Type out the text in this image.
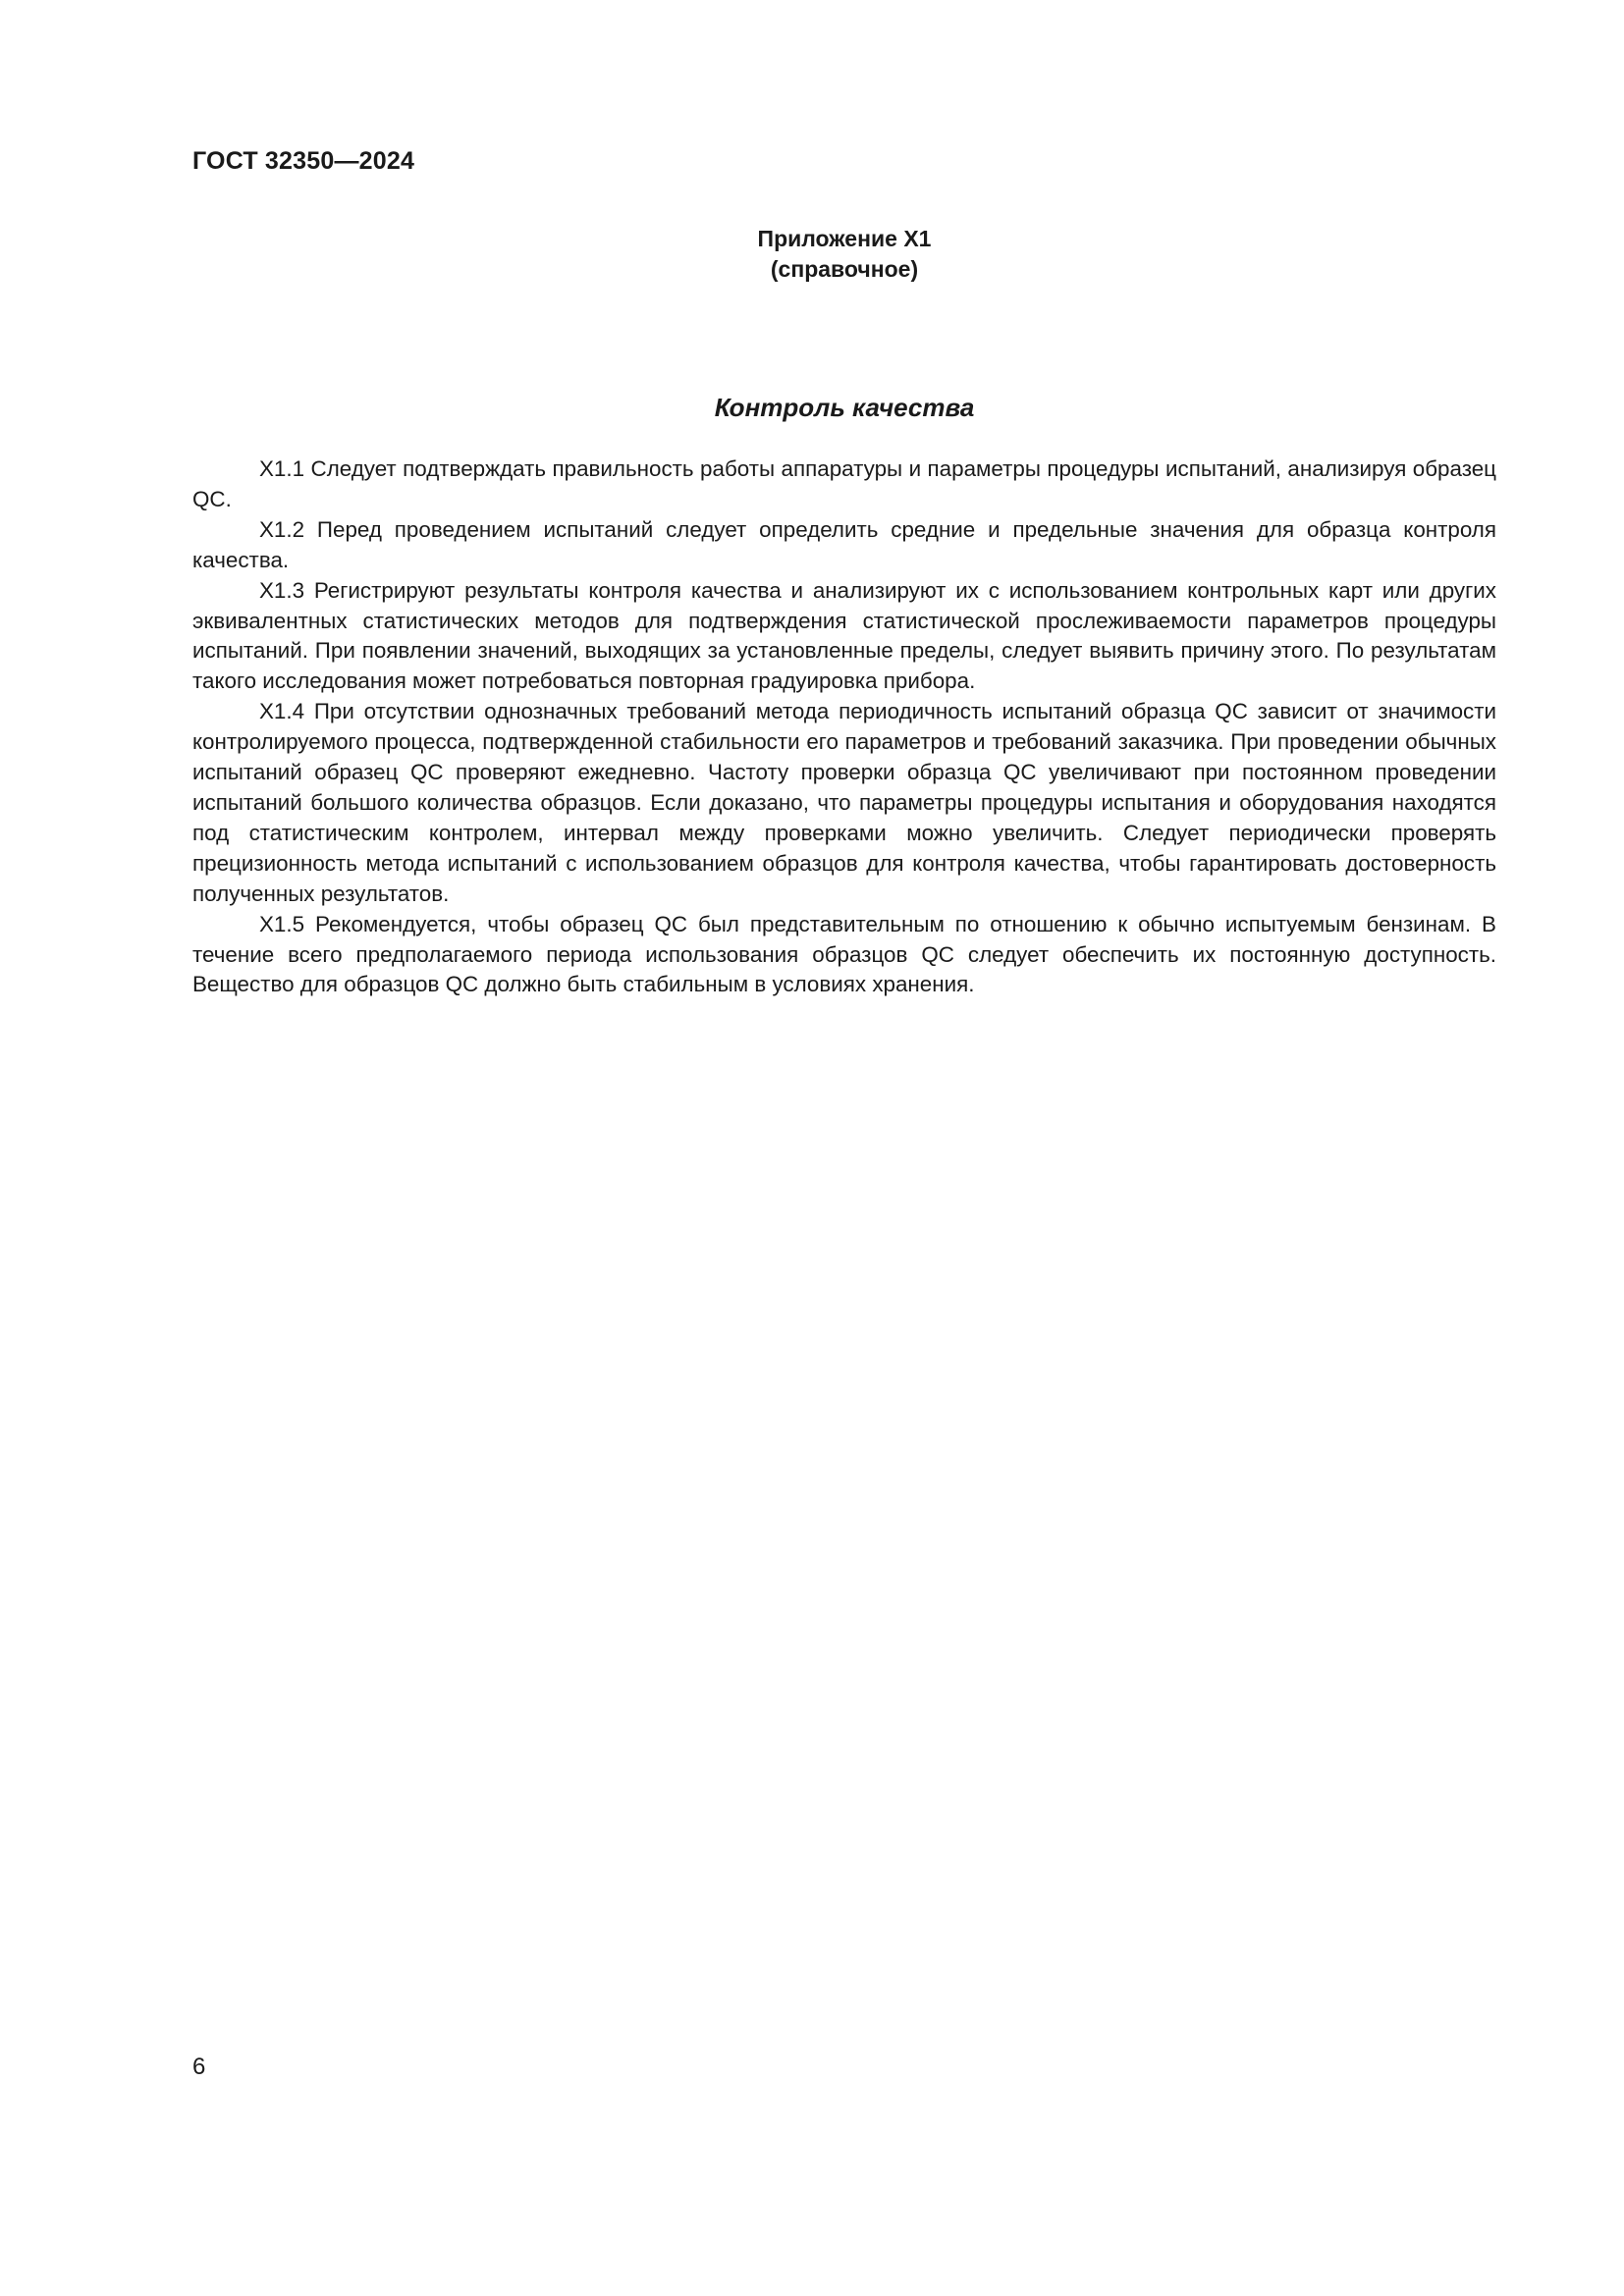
ГОСТ 32350—2024
Приложение Х1
(справочное)
Контроль качества

Х1.1 Следует подтверждать правильность работы аппаратуры и параметры процедуры испытаний, анализируя образец QC.

Х1.2 Перед проведением испытаний следует определить средние и предельные значения для образца контроля качества.

Х1.3 Регистрируют результаты контроля качества и анализируют их с использованием контрольных карт или других эквивалентных статистических методов для подтверждения статистической прослеживаемости параметров процедуры испытаний. При появлении значений, выходящих за установленные пределы, следует выявить причину этого. По результатам такого исследования может потребоваться повторная градуировка прибора.

Х1.4 При отсутствии однозначных требований метода периодичность испытаний образца QC зависит от значимости контролируемого процесса, подтвержденной стабильности его параметров и требований заказчика. При проведении обычных испытаний образец QC проверяют ежедневно. Частоту проверки образца QC увеличивают при постоянном проведении испытаний большого количества образцов. Если доказано, что параметры процедуры испытания и оборудования находятся под статистическим контролем, интервал между проверками можно увеличить. Следует периодически проверять прецизионность метода испытаний с использованием образцов для контроля качества, чтобы гарантировать достоверность полученных результатов.

Х1.5 Рекомендуется, чтобы образец QC был представительным по отношению к обычно испытуемым бензинам. В течение всего предполагаемого периода использования образцов QC следует обеспечить их постоянную доступность. Вещество для образцов QC должно быть стабильным в условиях хранения.

6
